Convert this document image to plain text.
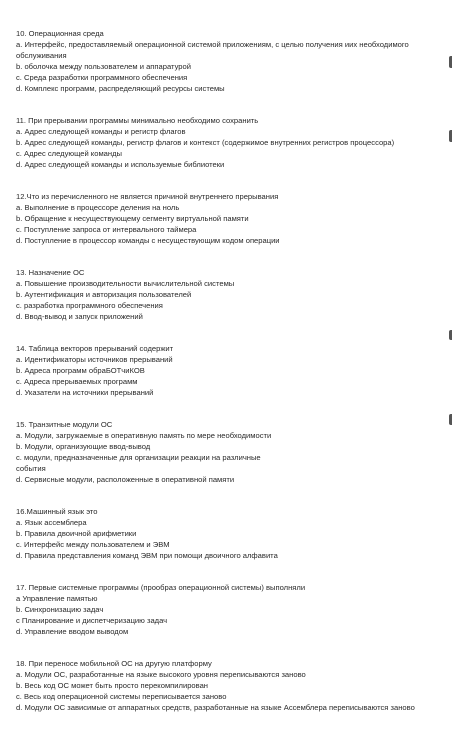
10. Операционная среда
а. Интерфейс, предоставляемый операционной системой приложениям, с целью получения иих необходимого обслуживания
b. оболочка между пользователем и аппаратурой
с. Среда разработки программного обеспечения
d. Комплекс программ, распределяющий ресурсы системы
11. При прерывании программы минимально необходимо сохранить
а. Адрес следующей команды и регистр флагов
b. Адрес следующей команды, регистр флагов и контекст (содержимое внутренних регистров процессора)
с. Адрес следующей команды
d. Адрес следующей команды и используемые библиотеки
12.Что из перечисленного не является причиной внутреннего прерывания
а. Выполнение в процессоре деления на ноль
b. Обращение к несуществующему сегменту виртуальной памяти
с. Поступление запроса от интервального таймера
d. Поступление в процессор команды с несуществующим кодом операции
13. Назначение ОС
а. Повышение производительности вычислительной системы
b. Аутентификация и авторизация пользователей
с. разработка программного обеспечения
d. Ввод-вывод и запуск приложений
14. Таблица векторов прерываний содержит
а. Идентификаторы источников прерываний
b. Адреса программ обраБОТчиКОВ
с. Адреса прерываемых программ
d. Указатели на источники прерываний
15. Транзитные модули ОС
а. Модули, загружаемые в оперативную память по мере необходимости
b. Модули, организующие ввод-вывод
с. модули, предназначенные для организации реакции на различные
события
d. Сервисные модули, расположенные в оперативной памяти
16.Машинный язык это
а. Язык ассемблера
b. Правила двоичной арифметики
с. Интерфейс между пользователем и ЭВМ
d. Правила представления команд ЭВМ при помощи двоичного алфавита
17. Первые системные программы (прообраз операционной системы) выполняли
а Управление памятью
b. Синхронизацию задач
с Планирование и диспетчеризацию задач
d. Управление вводом выводом
18. При переносе мобильной ОС на другую платформу
а. Модули ОС, разработанные на языке высокого уровня переписываются заново
b. Весь код ОС может быть просто перекомпилирован
с. Весь код операционной системы переписывается заново
d. Модули ОС зависимые от аппаратных средств, разработанные на языке Ассемблера переписываются заново
